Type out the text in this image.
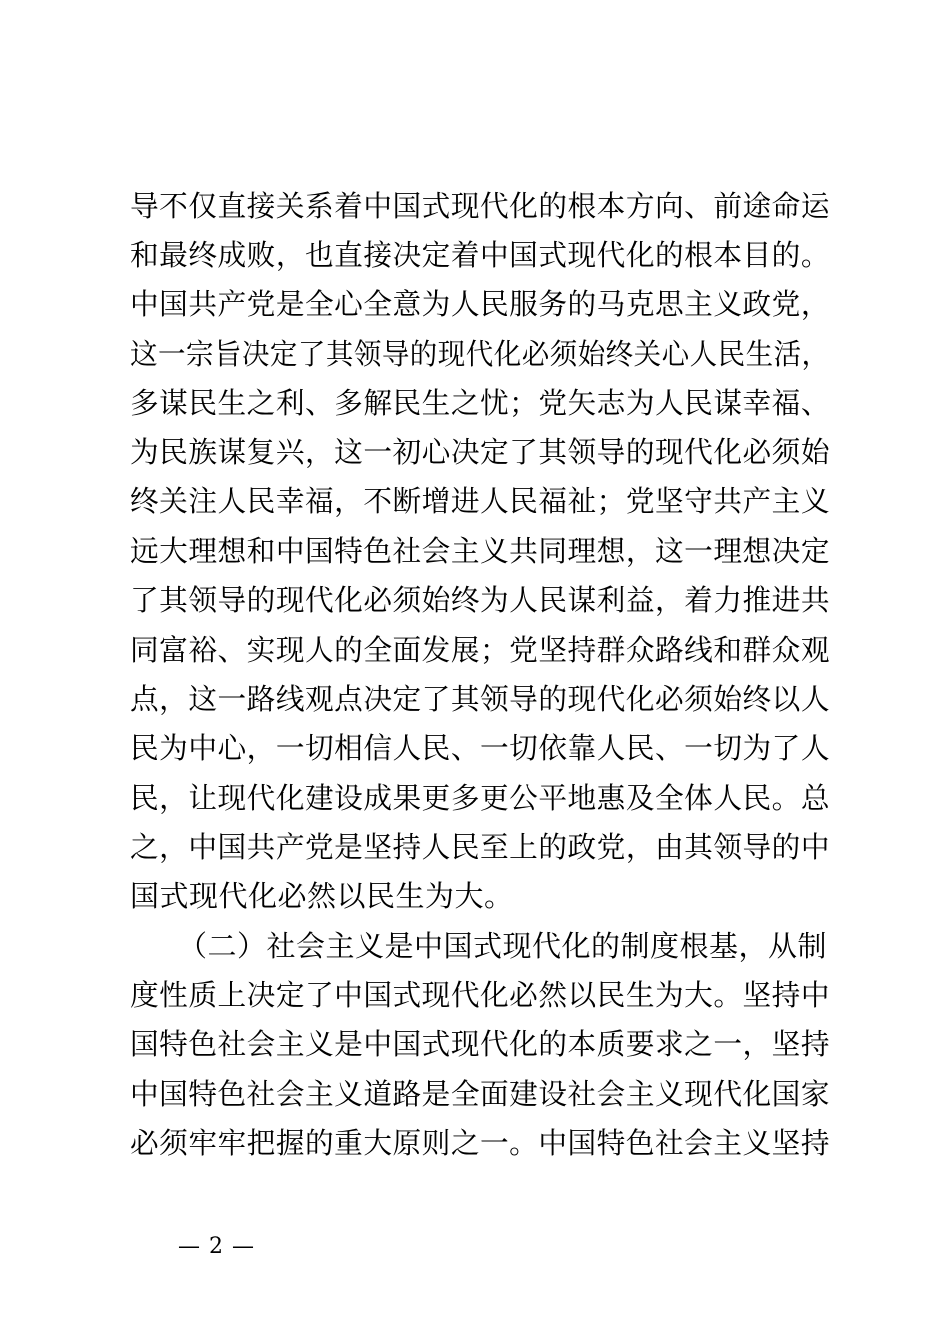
导不仅直接关系着中国式现代化的根本方向、前途命运
和最终成败，也直接决定着中国式现代化的根本目的。
中国共产党是全心全意为人民服务的马克思主义政党，
这一宗旨决定了其领导的现代化必须始终关心人民生活，
多谋民生之利、多解民生之忧；党矢志为人民谋幸福、
为民族谋复兴，这一初心决定了其领导的现代化必须始
终关注人民幸福，不断增进人民福祉；党坚守共产主义
远大理想和中国特色社会主义共同理想，这一理想决定
了其领导的现代化必须始终为人民谋利益，着力推进共
同富裕、实现人的全面发展；党坚持群众路线和群众观
点，这一路线观点决定了其领导的现代化必须始终以人
民为中心，一切相信人民、一切依靠人民、一切为了人
民，让现代化建设成果更多更公平地惠及全体人民。总
之，中国共产党是坚持人民至上的政党，由其领导的中
国式现代化必然以民生为大。
（二）社会主义是中国式现代化的制度根基，从制
度性质上决定了中国式现代化必然以民生为大。坚持中
国特色社会主义是中国式现代化的本质要求之一，坚持
中国特色社会主义道路是全面建设社会主义现代化国家
必须牢牢把握的重大原则之一。中国特色社会主义坚持
— 2 —
